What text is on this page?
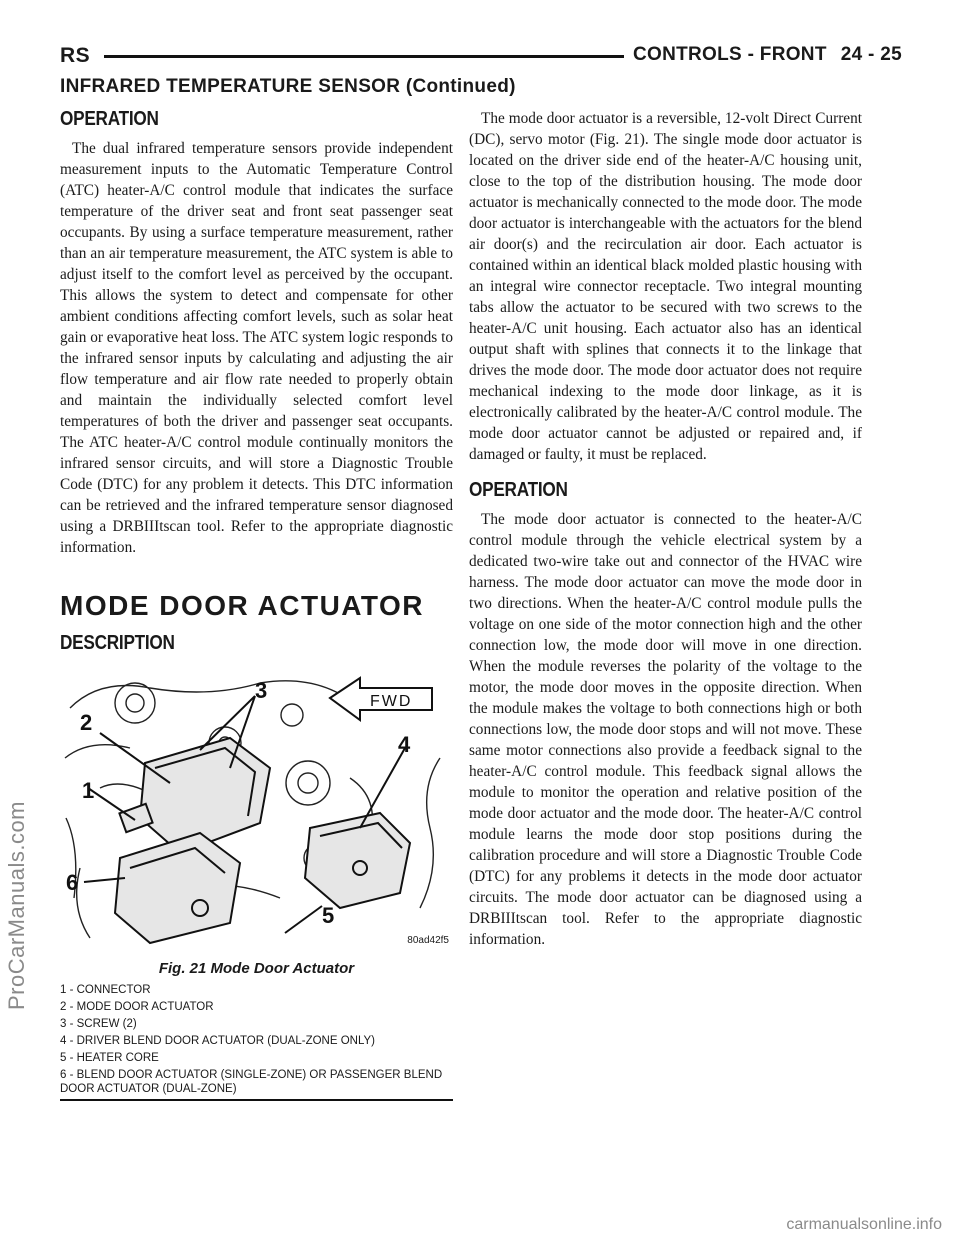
RS	CONTROLS - FRONT 24 - 25
INFRARED TEMPERATURE SENSOR (Continued)
OPERATION

The dual infrared temperature sensors provide independent measurement inputs to the Automatic Temperature Control (ATC) heater-A/C control module that indicates the surface temperature of the driver seat and front seat passenger seat occupants. By using a surface temperature measurement, rather than an air temperature measurement, the ATC system is able to adjust itself to the comfort level as perceived by the occupant. This allows the system to detect and compensate for other ambient conditions affecting comfort levels, such as solar heat gain or evaporative heat loss. The ATC system logic responds to the infrared sensor inputs by calculating and adjusting the air flow temperature and air flow rate needed to properly obtain and maintain the individually selected comfort level temperatures of both the driver and passenger seat occupants. The ATC heater-A/C control module continually monitors the infrared sensor circuits, and will store a Diagnostic Trouble Code (DTC) for any problem it detects. This DTC information can be retrieved and the infrared temperature sensor diagnosed using a DRBIIItscan tool. Refer to the appropriate diagnostic information.

MODE DOOR ACTUATOR
DESCRIPTION
FWD
1
2
3
4
5
6
80ad42f5
Fig. 21 Mode Door Actuator
1 - CONNECTOR
2 - MODE DOOR ACTUATOR
3 - SCREW (2)
4 - DRIVER BLEND DOOR ACTUATOR (DUAL-ZONE ONLY)
5 - HEATER CORE
6 - BLEND DOOR ACTUATOR (SINGLE-ZONE) OR PASSENGER BLEND DOOR ACTUATOR (DUAL-ZONE)

The mode door actuator is a reversible, 12-volt Direct Current (DC), servo motor (Fig. 21). The single mode door actuator is located on the driver side end of the heater-A/C housing unit, close to the top of the distribution housing. The mode door actuator is mechanically connected to the mode door. The mode door actuator is interchangeable with the actuators for the blend air door(s) and the recirculation air door. Each actuator is contained within an identical black molded plastic housing with an integral wire connector receptacle. Two integral mounting tabs allow the actuator to be secured with two screws to the heater-A/C unit housing. Each actuator also has an identical output shaft with splines that connects it to the linkage that drives the mode door. The mode door actuator does not require mechanical indexing to the mode door linkage, as it is electronically calibrated by the heater-A/C control module. The mode door actuator cannot be adjusted or repaired and, if damaged or faulty, it must be replaced.

OPERATION

The mode door actuator is connected to the heater-A/C control module through the vehicle electrical system by a dedicated two-wire take out and connector of the HVAC wire harness. The mode door actuator can move the mode door in two directions. When the heater-A/C control module pulls the voltage on one side of the motor connection high and the other connection low, the mode door will move in one direction. When the module reverses the polarity of the voltage to the motor, the mode door moves in the opposite direction. When the module makes the voltage to both connections high or both connections low, the mode door stops and will not move. These same motor connections also provide a feedback signal to the heater-A/C control module. This feedback signal allows the module to monitor the operation and relative position of the mode door actuator and the mode door. The heater-A/C control module learns the mode door stop positions during the calibration procedure and will store a Diagnostic Trouble Code (DTC) for any problems it detects in the mode door actuator circuits. The mode door actuator can be diagnosed using a DRBIIItscan tool. Refer to the appropriate diagnostic information.

ProCarManuals.com
carmanualsonline.info
